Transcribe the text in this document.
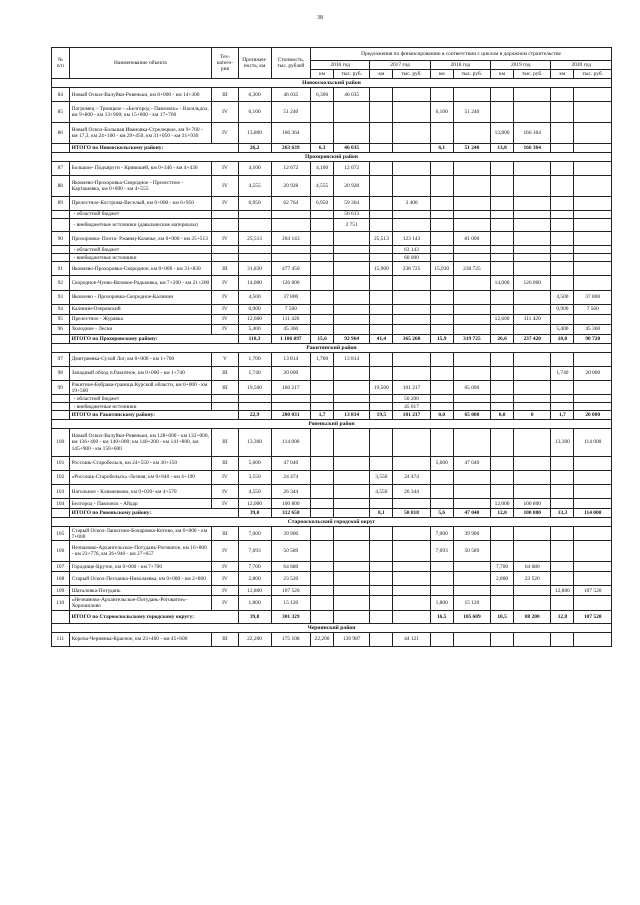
38
№
п/п	Наименование объекта	Тех-
катего-
рия	Протяжен-
ность, км	Стоимость,
тыс. рублей	Предложения по финансированию в соответствии с циклом в дорожном строительстве									
					2016 год		2017 год		2018 год		2019 год		2020 год	
					км	тыс. руб.	км	тыс. руб.	км	тыс. руб.	км	тыс. руб.	км	тыс. руб.
Новооскольский район														
84	Новый Оскол-Валуйки-Ровеньки, км 8+000 - км 14+300	III	6,300	46 035	6,300	46 035								
85	Погромец – Троицкое - «Белгород - Павловск» - Васильдол, км 9+800 - км 13+900; км 15+000 - км 17+700	IV	6,100	51 240					6,100	51 240				
86	Новый Оскол-Большая Ивановка-Стрелецкое, км 9+760 - км 17,3, км 24+100 - км 29+450, км 31+050 - км 31+930	IV	13,800	166 364							13,800	166 364		
	ИТОГО по Новооскольскому району:		26,2	263 639	6,3	46 035			6,1	51 240	13,8	166 364		
Прохоровский район														
87	Большое- Подъяруги - Кривошей, км 0+346 - км 4+430	IV	4,100	12 672	4,100	12 672								
88	Яковлево-Прохоровка-Скородное - Прелестное - Карташевка, км 0+000 - км 4+555	IV	4,555	20 928	4,555	20 928								
89	Прелестное-Кострома-Веселый, км 0+000 - км 6+950	IV	6,950	62 764	6,950	59 364		3 400						
	- областной бюджет					56 613								
	- внебюджетные источники (давальческие материалы)					2 751								
90	Прохоровка- Плота- Ржавец-Казачье, км 0+000 - км 25+513	IV	25,513	204 143			25,513	123 143		81 000				
	- областной бюджет							63 143						
	- внебюджетные источники							60 000						
91	Яковлево-Прохоровка-Скородное, км 0+000 - км 31+830	III	31,830	477 450			15,900	238 725	15,930	238 725				
92	Скородное-Чуево-Вязовое-Радьковка, км 7+200 - км 21+200	IV	14,000	126 000							14,000	126 000		
93	Яковлево - Прохоровка-Скородное-Калинин	IV	4,500	37 800									4,500	37 800
94	Калинин-Озеровский	IV	0,900	7 560									0,900	7 560
95	Прелестное - Журавка	IV	12,600	111 420							12,600	111 420		
96	Холодное - Лески	IV	5,400	45 360									5,400	45 360
	ИТОГО по Прохоровскому району:		110,3	1 106 097	15,6	92 964	41,4	365 268	15,9	319 725	26,6	237 420	10,8	90 720
Ракитянский район														
97	Дмитриевка-Сухой Лог, км 0+000 - км 1+700	V	1,700	13 814	1,700	13 814								
98	Западный обход п.Ракитное, км 0+000 - км 1+740	III	1,740	20 000									1,740	20 000
99	Ракитное-Бобрава-граница Курской области, км 0+000 - км 19+500	III	19,500	166 217			19,500	101 217		65 000				
	- областной бюджет							56 200						
	- внебюджетные источники							45 017						
	ИТОГО по Ракитянскому району:		22,9	200 031	1,7	13 814	19,5	101 217	0,0	65 000	0,0	0	1,7	20 000
Ровеньский район														
100	Новый Оскол-Валуйки-Ровеньки, км 128+000 - км 132+000, км 136+400 - км 140+000; км 140+200 - км 141+800, км 145+900 - км 150+600	III	13,300	114 000									13,300	114 000
101	Россошь-Старобельск, км 24+550 - км 30+150	III	5,600	47 040					5,600	47 040				
102	«Россошь-Старобельск»-Лозная, км 0+640 - км 4+190	IV	3,550	24 474			3,550	24 474						
103	Нагольное - Клименково, км 0+020- км 4+570	IV	4,550	26 344			4,550	26 344						
104	Белгород - Павловск - Айдар	IV	12,000	100 800							12,000	100 800		
	ИТОГО по Ровеньскому району:		39,0	312 658			8,1	50 818	5,6	47 040	12,0	100 800	13,3	114 000
Старооскольский городской округ														
105	Старый Оскол-Лапыгино-Бочаровка-Котово, км 0+000 - км 7+000	III	7,000	39 900					7,000	39 900				
106	Незнамово-Архангельское-Потудань-Роговатое, км 16+800 - км 23+776, км 26+940 - км 27+657	IV	7,693	50 589					7,693	50 589				
107	Городище-Крутое, км 0+000 - км 7+700	IV	7,700	64 680							7,700	64 680		
108	Старый Оскол-Песчанка-Николаевка, км 0+000 - км 2+800	IV	2,800	23 520							2,800	23 520		
109	Шаталовка-Потудань	IV	12,800	107 520									12,800	107 520
110	«Незнамово-Архангельское-Потудань-Роговатое»-Хорошилово	IV	1,800	15 120					1,800	15 120				
	ИТОГО по Старооскольскому городскому округу:		39,8	301 329					16,5	105 609	10,5	88 200	12,8	107 520
Чернянский район														
111	Короча-Чернянка-Красное, км 23+400 - км 45+600	III	22,200	175 108	22,200	130 987		44 121						
